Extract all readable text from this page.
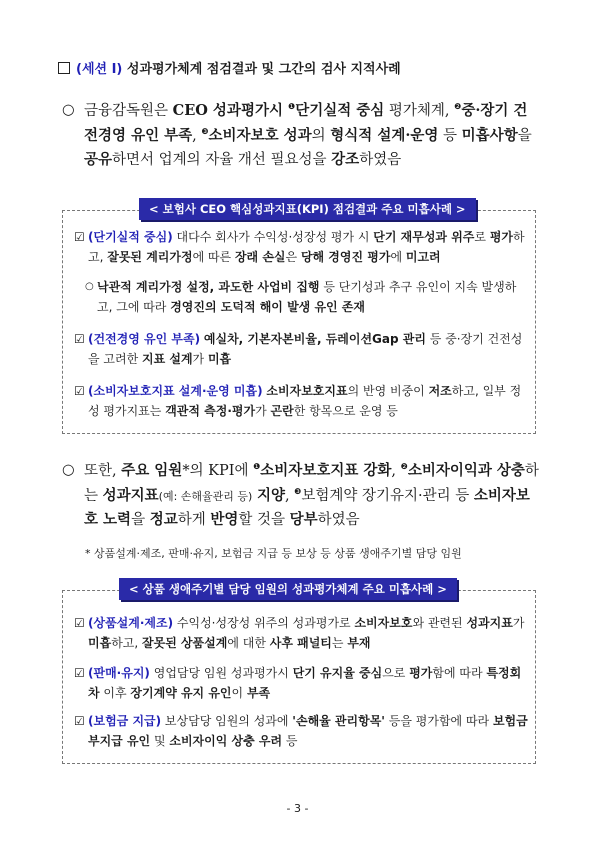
(세션 Ⅰ) 성과평가체계 점검결과 및 그간의 검사 지적사례
○ 금융감독원은 CEO 성과평가시 $^❶$단기실적 중심 평가체계, $^❷$중·장기 건전경영 유인 부족, $^❸$소비자보호 성과의 형식적 설계·운영 등 미흡사항을 공유하면서 업계의 자율 개선 필요성을 강조하였음
< 보험사 CEO 핵심성과지표(KPI) 점검결과 주요 미흡사례 >
☑ (단기실적 중심) 대다수 회사가 수익성·성장성 평가 시 단기 재무성과 위주로 평가하고, 잘못된 계리가정에 따른 장래 손실은 당해 경영진 평가에 미고려
○ 낙관적 계리가정 설정, 과도한 사업비 집행 등 단기성과 추구 유인이 지속 발생하고, 그에 따라 경영진의 도덕적 해이 발생 유인 존재
☑ (건전경영 유인 부족) 예실차, 기본자본비율, 듀레이션Gap 관리 등 중·장기 건전성을 고려한 지표 설계가 미흡
☑ (소비자보호지표 설계·운영 미흡) 소비자보호지표의 반영 비중이 저조하고, 일부 정성 평가지표는 객관적 측정·평가가 곤란한 항목으로 운영 등
○ 또한, 주요 임원*의 KPI에 $^❶$소비자보호지표 강화, $^❷$소비자이익과 상충하는 성과지표(예: 손해율관리 등) 지양, $^❸$보험계약 장기유지·관리 등 소비자보호 노력을 정교하게 반영할 것을 당부하였음
* 상품설계·제조, 판매·유지, 보험금 지급 등 보상 등 상품 생애주기별 담당 임원
< 상품 생애주기별 담당 임원의 성과평가체계 주요 미흡사례 >
☑ (상품설계·제조) 수익성·성장성 위주의 성과평가로 소비자보호와 관련된 성과지표가 미흡하고, 잘못된 상품설계에 대한 사후 패널티는 부재
☑ (판매·유지) 영업담당 임원 성과평가시 단기 유지율 중심으로 평가함에 따라 특정회차 이후 장기계약 유지 유인이 부족
☑ (보험금 지급) 보상담당 임원의 성과에 '손해율 관리항목' 등을 평가함에 따라 보험금 부지급 유인 및 소비자이익 상충 우려 등
- 3 -
